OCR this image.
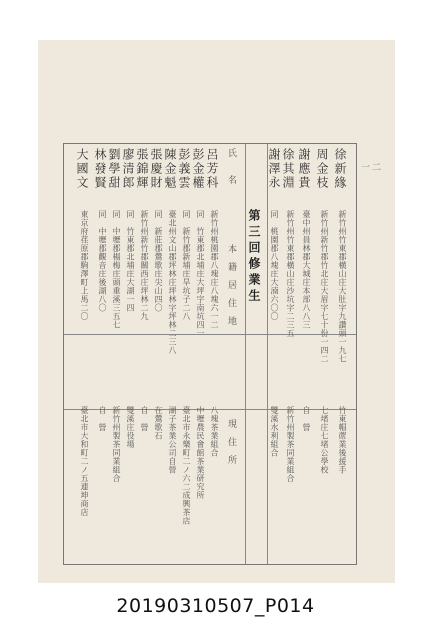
第三回修業生
氏　　名
本　籍　居　住　地
現　住　所
徐新緣
新竹州竹東郡橫山庄大肚字九讚頭一九七
竹東帽蓆業後援手
周金枝
新竹州新竹郡竹北庄大眉字七十份一四二
七堵庄七堵公學校
謝應貴
臺中州員林郡大城庄本部八八三
自　營
徐其淵
新竹州竹東郡橫山庄沙坑字二三五
新竹州製茶同業組合
謝澤永
同　桃園郡八塊庄大湳六〇〇
雙溪水利組合
呂芳科
新竹州桃園郡八塊庄八塊六一二
八塊茶業組合
彭金權
同　竹東郡北埔庄大坪字南坑四一
中壢農民會館茶業研究所
彭義雲
同　新竹郡新埔庄旱坑子二八
臺北市永樂町二ノ六二成興茶店
陳金魁
臺北州文山郡坪林庄坪林字坪林二三八
湖子茶業公司自營
張慶財
同　新莊郡鶯歌庄尖山四〇
在鶯歌石
張錦輝
新竹州新竹郡關西庄坪林二九
自　營
廖清郎
同　竹東郡北埔庄大湖一四
雙溪庄役場
劉學甜
同　中壢郡楊梅庄頭重溪三五七
新竹州製茶同業組合
林發賢
同　中壢郡觀音庄後湖八〇
自　營
大國文
東京府荏原郡駒澤町上馬二〇
臺北市大和町二ノ五連坤商店
一二
20190310507_P014
